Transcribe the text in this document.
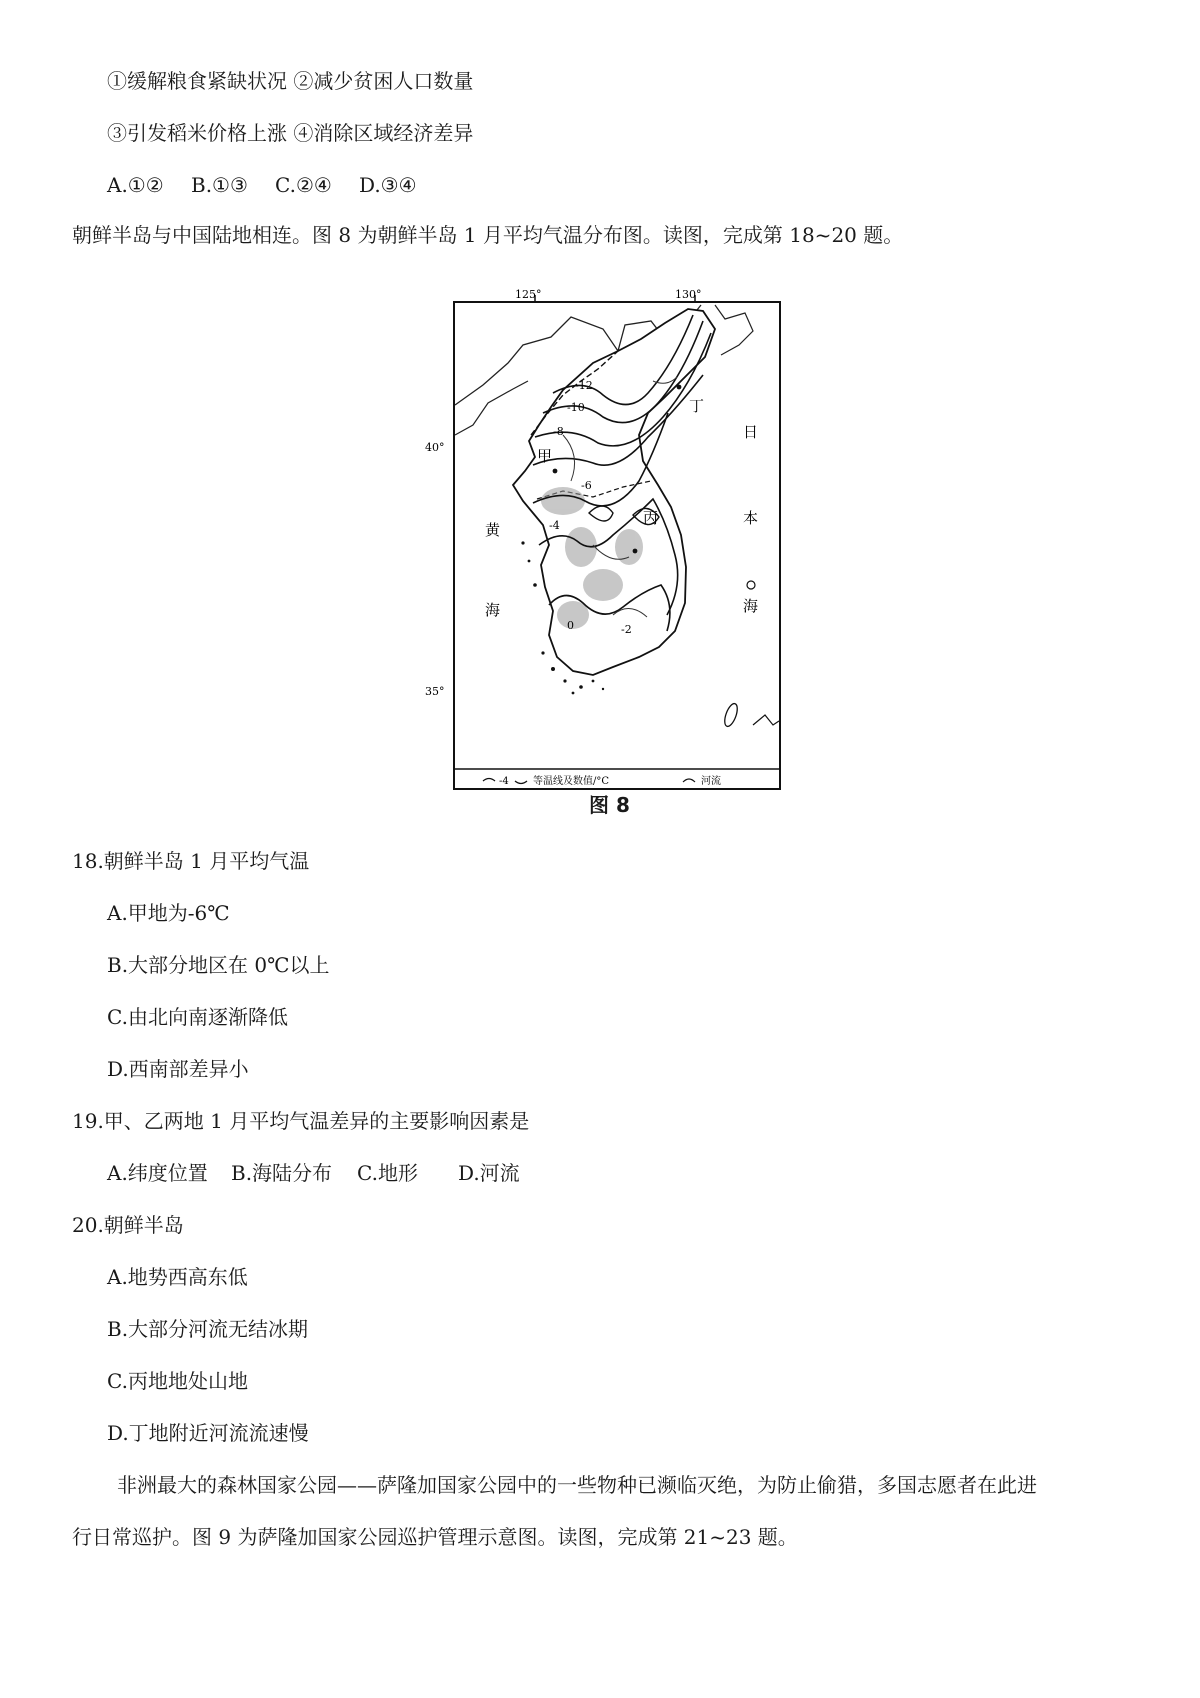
①缓解粮食紧缺状况 ②减少贫困人口数量
③引发稻米价格上涨 ④消除区域经济差异
A.①② B.①③ C.②④ D.③④
朝鲜半岛与中国陆地相连。图 8 为朝鲜半岛 1 月平均气温分布图。读图，完成第 18~20 题。
125°	130°
40°
35°
-12
-10
-8
-6
-4
-2
0
甲
丁
丙
黄
海
日
本
海
-4 等温线及数值/°C	河流
图 8
18.朝鲜半岛 1 月平均气温
A.甲地为-6℃
B.大部分地区在 0℃以上
C.由北向南逐渐降低
D.西南部差异小
19.甲、乙两地 1 月平均气温差异的主要影响因素是
A.纬度位置 B.海陆分布 C.地形 D.河流
20.朝鲜半岛
A.地势西高东低
B.大部分河流无结冰期
C.丙地地处山地
D.丁地附近河流流速慢
非洲最大的森林国家公园——萨隆加国家公园中的一些物种已濒临灭绝，为防止偷猎，多国志愿者在此进
行日常巡护。图 9 为萨隆加国家公园巡护管理示意图。读图，完成第 21~23 题。
